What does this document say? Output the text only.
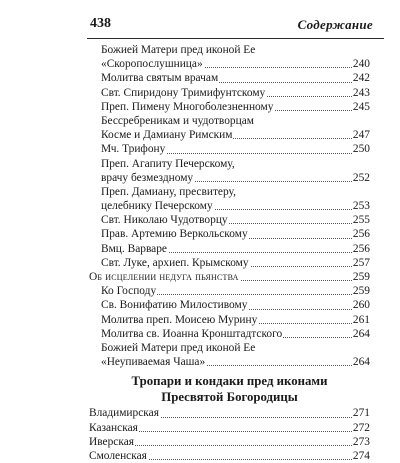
438	Содержание
Божией Матери пред иконой Ее
«Скоропослушница»	240
Молитва святым врачам	242
Свт. Спиридону Тримифунтскому	243
Преп. Пимену Многоболезненному	245
Бессребреникам и чудотворцам
Косме и Дамиану Римским	247
Мч. Трифону	250
Преп. Агапиту Печерскому,
врачу безмездному	252
Преп. Дамиану, пресвитеру,
целебнику Печерскому	253
Свт. Николаю Чудотворцу	255
Прав. Артемию Веркольскому	256
Вмц. Варваре	256
Свт. Луке, архиеп. Крымскому	257
Об исцелении недуга пьянства	259
Ко Господу	259
Св. Вонифатию Милостивому	260
Молитва преп. Моисею Мурину	261
Молитва св. Иоанна Кронштадтского	264
Божией Матери пред иконой Ее
«Неупиваемая Чаша»	264
Тропари и кондаки пред иконами
Пресвятой Богородицы
Владимирская	271
Казанская	272
Иверская	273
Смоленская	274
